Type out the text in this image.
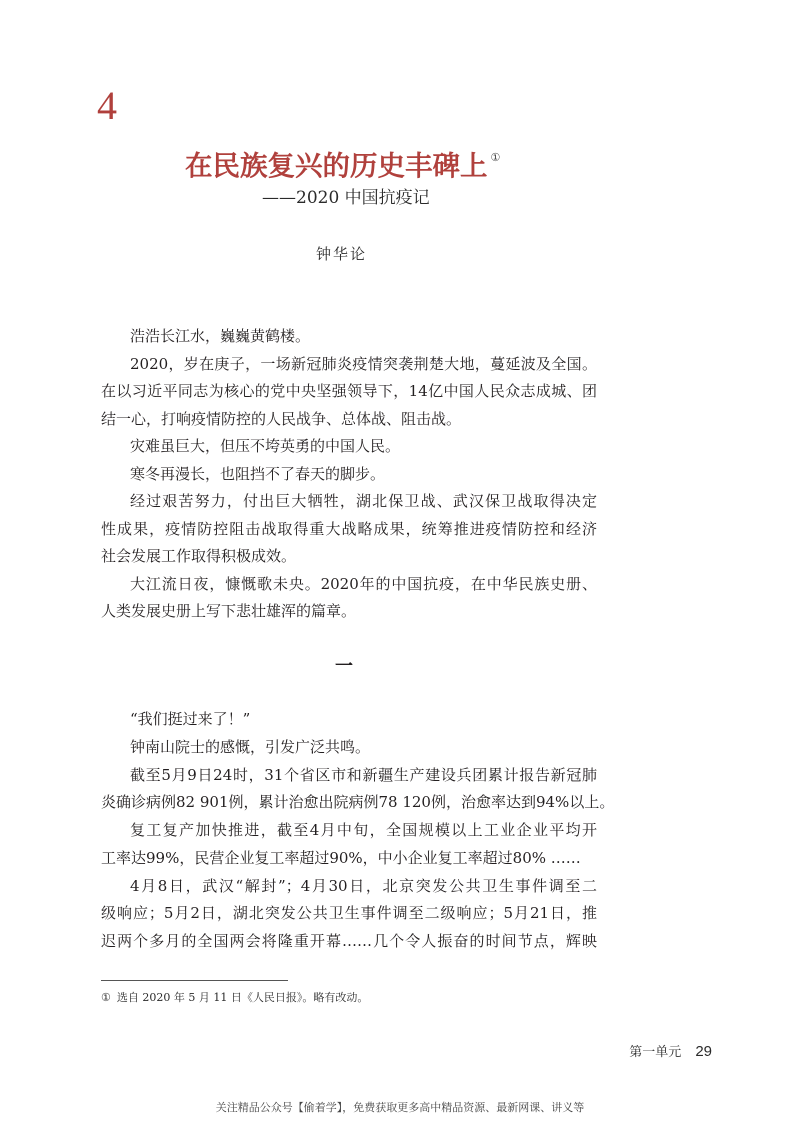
4
在民族复兴的历史丰碑上 ①
——2020 中国抗疫记
钟华论
浩浩长江水，巍巍黄鹤楼。
2020，岁在庚子，一场新冠肺炎疫情突袭荆楚大地，蔓延波及全国。
在以习近平同志为核心的党中央坚强领导下，14亿中国人民众志成城、团
结一心，打响疫情防控的人民战争、总体战、阻击战。
灾难虽巨大，但压不垮英勇的中国人民。
寒冬再漫长，也阻挡不了春天的脚步。
经过艰苦努力，付出巨大牺牲，湖北保卫战、武汉保卫战取得决定
性成果，疫情防控阻击战取得重大战略成果，统筹推进疫情防控和经济
社会发展工作取得积极成效。
大江流日夜，慷慨歌未央。2020年的中国抗疫，在中华民族史册、
人类发展史册上写下悲壮雄浑的篇章。
一
“我们挺过来了！”
钟南山院士的感慨，引发广泛共鸣。
截至5月9日24时，31个省区市和新疆生产建设兵团累计报告新冠肺
炎确诊病例82 901例，累计治愈出院病例78 120例，治愈率达到94%以上。
复工复产加快推进，截至4月中旬，全国规模以上工业企业平均开
工率达99%，民营企业复工率超过90%，中小企业复工率超过80% ……
4月8日，武汉“解封”；4月30日，北京突发公共卫生事件调至二
级响应；5月2日，湖北突发公共卫生事件调至二级响应；5月21日，推
迟两个多月的全国两会将隆重开幕……几个令人振奋的时间节点，辉映
① 选自 2020 年 5 月 11 日《人民日报》。略有改动。
第一单元 29
关注精品公众号【偷着学】，免费获取更多高中精品资源、最新网课、讲义等
